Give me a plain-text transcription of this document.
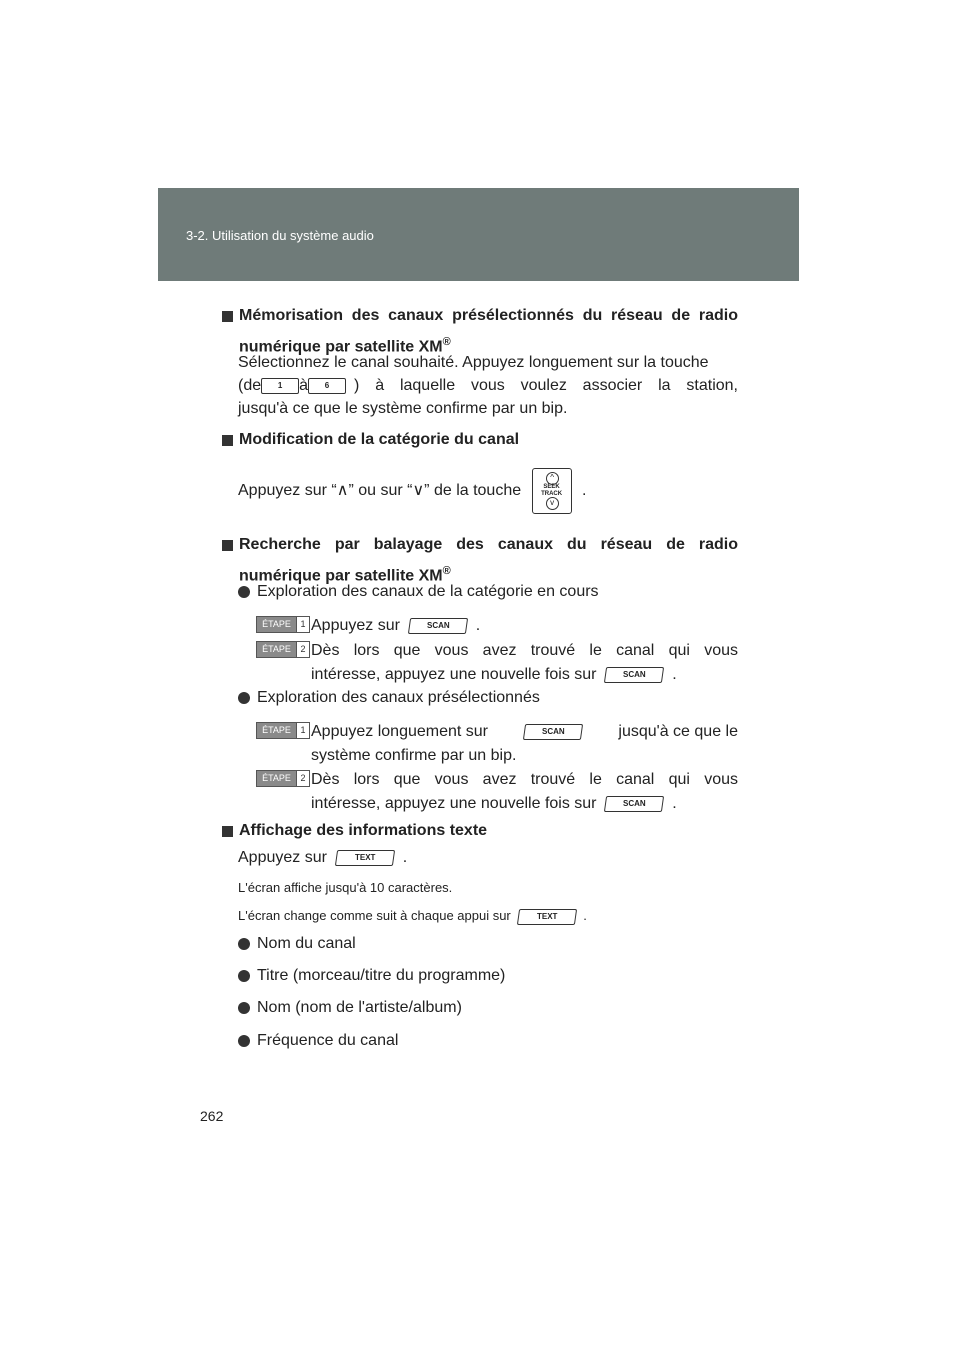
3-2. Utilisation du système audio
Mémorisation des canaux présélectionnés du réseau de radio numérique par satellite XM®
Sélectionnez le canal souhaité. Appuyez longuement sur la touche
(de	1	à	6	) à laquelle vous voulez associer la station,
jusqu'à ce que le système confirme par un bip.
Modification de la catégorie du canal
Appuyez sur “∧” ou sur “∨” de la touche
^
SEEK
TRACK
v
.
Recherche par balayage des canaux du réseau de radio numérique par satellite XM®
Exploration des canaux de la catégorie en cours
ÉTAPE	1 Appuyez sur	SCAN .
ÉTAPE	2 Dès lors que vous avez trouvé le canal qui vous
intéresse, appuyez une nouvelle fois sur	SCAN .
Exploration des canaux présélectionnés
ÉTAPE	1 Appuyez longuement sur	SCAN	jusqu'à ce que le
système confirme par un bip.
ÉTAPE	2 Dès lors que vous avez trouvé le canal qui vous
intéresse, appuyez une nouvelle fois sur	SCAN .
Affichage des informations texte
Appuyez sur	TEXT .
L'écran affiche jusqu'à 10 caractères.
L'écran change comme suit à chaque appui sur	TEXT .
Nom du canal
Titre (morceau/titre du programme)
Nom (nom de l'artiste/album)
Fréquence du canal
262
